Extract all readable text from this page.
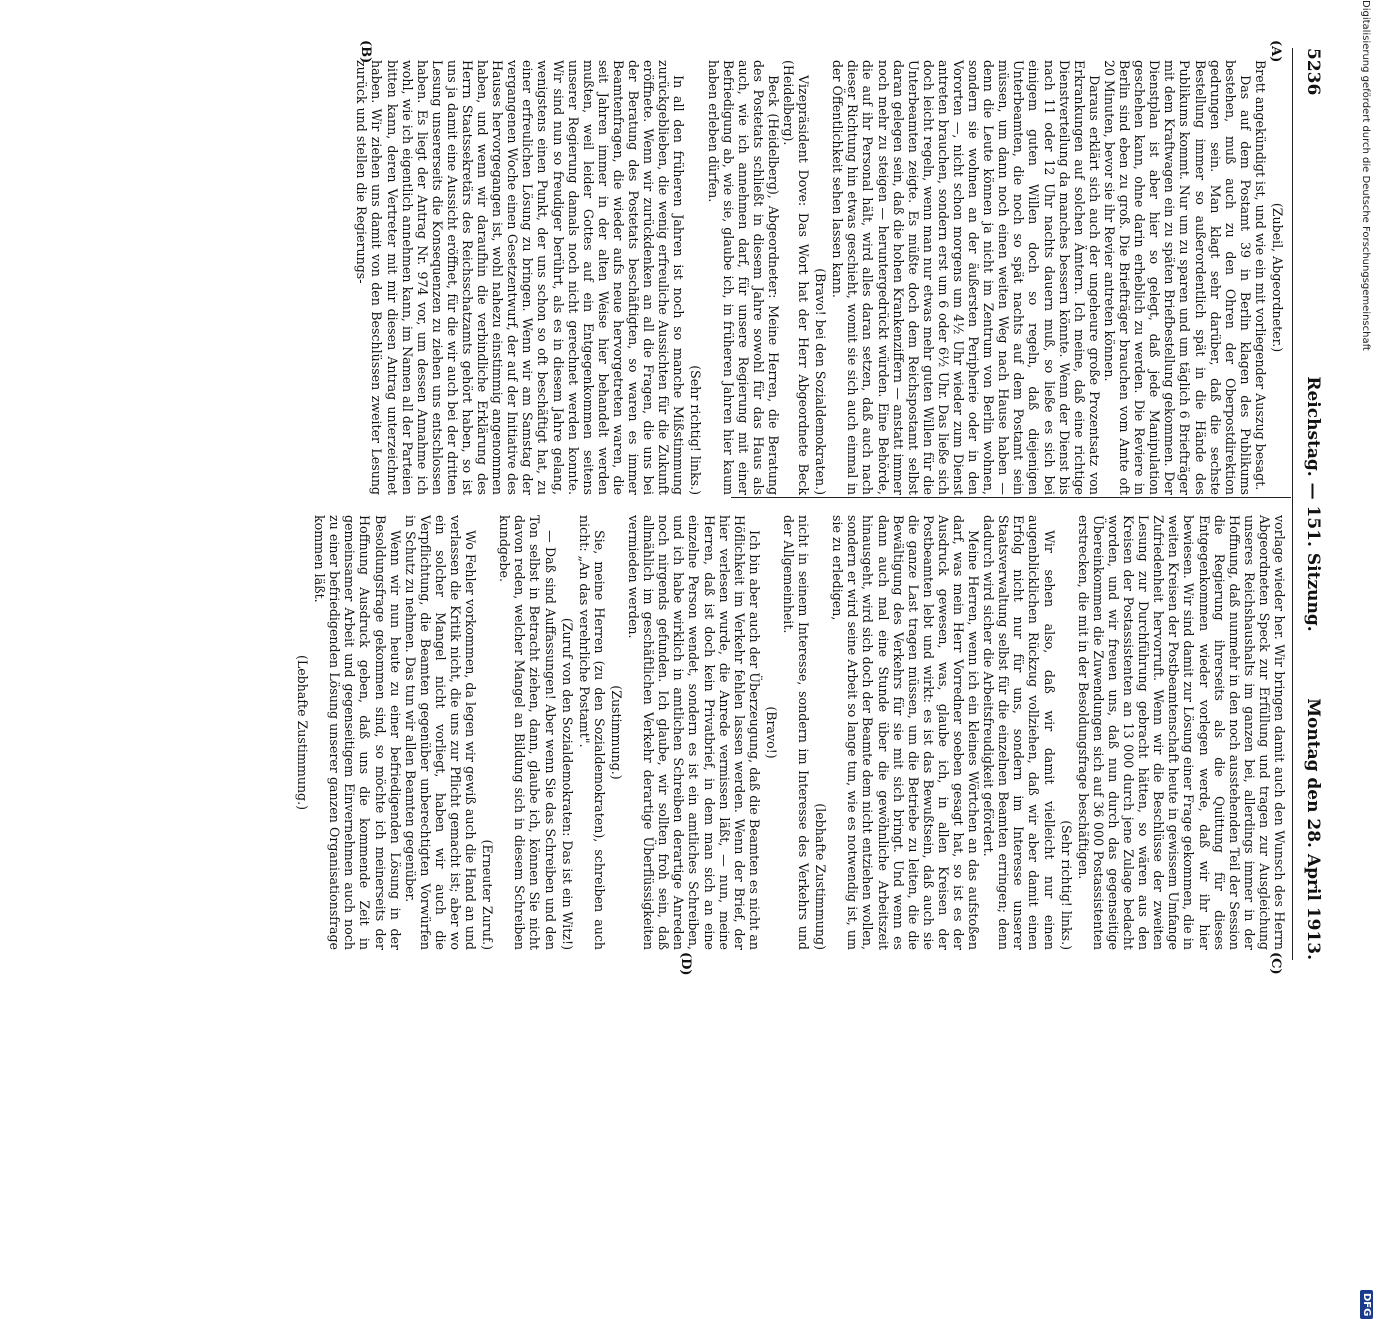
5236
Reichstag. — 151. Sitzung.
Montag den 28. April 1913.
(A)
(B)
(C)
(D)

(Zubeil, Abgeordneter.)

Brett angekündigt ist, und wie ein mit vorliegender Auszug besagt.

Das auf dem Postamt 39 in Berlin klagen des Publikums bestehen, muß auch zu den Ohren der Oberpostdirektion gedrungen sein. Man klagt sehr darüber, daß die sechste Bestellung immer so außerordentlich spät in die Hände des Publikums kommt. Nur um zu sparen und um täglich 6 Briefträger mit dem Kraftwagen ein zu späten Briefbestellung gekommen. Der Dienstplan ist aber hier so gelegt, daß jede Manipulation geschehen kann, ohne darin erheblich zu werden. Die Reviere in Berlin sind eben zu groß. Die Briefträger brauchen vom Amte oft 20 Minuten, bevor sie ihr Revier antreten können.

Daraus erklärt sich auch der ungeheure große Prozentsatz von Erkrankungen auf solchen Ämtern. Ich meine, daß eine richtige Dienstverteilung da manches bessern könnte. Wenn der Dienst bis nach 11 oder 12 Uhr nachts dauern muß, so ließe es sich bei einigem guten Willen doch so regeln, daß diejenigen Unterbeamten, die noch so spät nachts auf dem Postamt sein müssen, um dann noch einen weiten Weg nach Hause haben — denn die Leute können ja nicht im Zentrum von Berlin wohnen, sondern sie wohnen an der äußersten Peripherie oder in den Vororten —, nicht schon morgens um 4½ Uhr wieder zum Dienst antreten brauchen, sondern erst um 6 oder 6½ Uhr. Das ließe sich doch leicht regeln, wenn man nur etwas mehr guten Willen für die Unterbeamten zeigte. Es müßte doch dem Reichspostamt selbst daran gelegen sein, daß die hohen Krankenziffern — anstatt immer noch mehr zu steigen — heruntergedrückt würden. Eine Behörde, die auf ihr Personal hält, wird alles daran setzen, daß auch nach dieser Richtung hin etwas geschieht, womit sie sich auch einmal in der Öffentlichkeit sehen lassen kann.

(Bravo! bei den Sozialdemokraten.)

Vizepräsident Dove: Das Wort hat der Herr Abgeordnete Beck (Heidelberg).

Beck (Heidelberg), Abgeordneter: Meine Herren, die Beratung des Postetats schließt in diesem Jahre sowohl für das Haus als auch, wie ich annehmen darf, für unsere Regierung mit einer Befriedigung ab, wie sie, glaube ich, in früheren Jahren hier kaum haben erleben dürfen.

(Sehr richtig! links.)

In all den früheren Jahren ist noch so manche Mißstimmung zurückgeblieben, die wenig erfreuliche Aussichten für die Zukunft eröffnete. Wenn wir zurückdenken an all die Fragen, die uns bei der Beratung des Postetats beschäftigten, so waren es immer Beamtenfragen, die wieder aufs neue hervorgetreten waren, die seit Jahren immer in der alten Weise hier behandelt werden mußten, weil leider Gottes auf ein Entgegenkommen seitens unserer Regierung damals noch nicht gerechnet werden konnte. Wir sind nun so freudiger berührt, als es in diesem Jahre gelang, wenigstens einen Punkt, der uns schon so oft beschäftigt hat, zu einer erfreulichen Lösung zu bringen. Wenn wir am Samstag der vergangenen Woche einen Gesetzentwurf, der auf der Initiative des Hauses hervorgegangen ist, wohl nahezu einstimmig angenommen haben, und wenn wir daraufhin die verbindliche Erklärung des Herrn Staatssekretärs des Reichsschatzamts gehört haben, so ist uns ja damit eine Aussicht eröffnet, für die wir auch bei der dritten Lesung unsererseits die Konsequenzen zu ziehen uns entschlossen haben. Es liegt der Antrag Nr. 974 vor, um dessen Annahme ich wohl, wie ich eigentlich annehmen kann, im Namen all der Parteien bitten kann, deren Vertreter mit mir diesen Antrag unterzeichnet haben. Wir ziehen uns damit von den Beschlüssen zweiter Lesung zurück und stellen die Regierungs-

vorlage wieder her. Wir bringen damit auch den Wunsch des Herrn Abgeordneten Speck zur Erfüllung und tragen zur Ausgleichung unseres Reichshaushalts im ganzen bei, allerdings immer in der Hoffnung, daß nunmehr in den noch ausstehenden Teil der Session die Regierung ihrerseits als die Quittung für dieses Entgegenkommen wieder vorlegen werde, daß wir ihr hier bewiesen. Wir sind damit zur Lösung einer Frage gekommen, die in weiten Kreisen der Postbeamtenschaft heute in gewissem Umfange Zufriedenheit hervorruft. Wenn wir die Beschlüsse der zweiten Lesung zur Durchführung gebracht hätten, so wären aus den Kreisen der Postassistenten an 13 000 durch jene Zulage bedacht worden, und wir freuen uns, daß nun durch das gegenseitige Übereinkommen die Zuwendungen sich auf 36 000 Postassistenten erstrecken, die mit in der Besoldungsfrage beschäftigen.

(Sehr richtig! links.)

Wir sehen also, daß wir damit vielleicht nur einen augenblicklichen Rückzug vollziehen, daß wir aber damit einen Erfolg nicht nur für uns, sondern im Interesse unserer Staatsverwaltung selbst für die einzelnen Beamten erringen; denn dadurch wird sicher die Arbeitsfreudigkeit gefördert.

Meine Herren, wenn ich ein kleines Wörtchen an das aufstoßen darf, was mein Herr Vorredner soeben gesagt hat, so ist es der Ausdruck gewesen, was, glaube ich, in allen Kreisen der Postbeamten lebt und wirkt: es ist das Bewußtsein, daß auch sie die ganze Last tragen müssen, um die Betriebe zu leiten, die die Bewältigung des Verkehrs für sie mit sich bringt. Und wenn es dann auch mal eine Stunde über die gewöhnliche Arbeitszeit hinausgeht, wird sich doch der Beamte dem nicht entziehen wollen, sondern er wird seine Arbeit so lange tun, wie es notwendig ist, um sie zu erledigen,

(lebhafte Zustimmung)

nicht in seinem Interesse, sondern im Interesse des Verkehrs und der Allgemeinheit.

(Bravo!)

Ich bin aber auch der Überzeugung, daß die Beamten es nicht an Höflichkeit im Verkehr fehlen lassen werden. Wenn der Brief, der hier verlesen wurde, die Anrede vermissen läßt, — nun, meine Herren, daß ist doch kein Privatbrief, in dem man sich an eine einzelne Person wendet, sondern es ist ein amtliches Schreiben, und ich habe wirklich in amtlichen Schreiben derartige Anreden noch nirgends gefunden. Ich glaube, wir sollten froh sein, daß allmählich im geschäftlichen Verkehr derartige Überflüssigkeiten vermieden werden.

(Zustimmung.)

Sie, meine Herren (zu den Sozialdemokraten), schreiben auch nicht: „An das verehrliche Postamt".

(Zuruf von den Sozialdemokraten: Das ist ein Witz!)

— Daß sind Auffassungen! Aber wenn Sie das Schreiben und den Ton selbst in Betracht ziehen, dann, glaube ich, können Sie nicht davon reden, welcher Mangel an Bildung sich in diesem Schreiben kundgebe.

(Erneuter Zuruf.)

Wo Fehler vorkommen, da legen wir gewiß auch die Hand an und verlassen die Kritik nicht, die uns zur Pflicht gemacht ist; aber wo ein solcher Mangel nicht vorliegt, haben wir auch die Verpflichtung, die Beamten gegenüber unberechtigten Vorwürfen in Schutz zu nehmen. Das tun wir allen Beamten gegenüber.

Wenn wir nun heute zu einer befriedigenden Lösung in der Besoldungsfrage gekommen sind, so möchte ich meinerseits der Hoffnung Ausdruck geben, daß uns die kommende Zeit in gemeinsamer Arbeit und gegenseitigem Einvernehmen auch noch zu einer befriedigenden Lösung unserer ganzen Organisationsfrage kommen läßt.

(Lebhafte Zustimmung.)

Digitalisierung gefördert durch die Deutsche Forschungsgemeinschaft
DFG
